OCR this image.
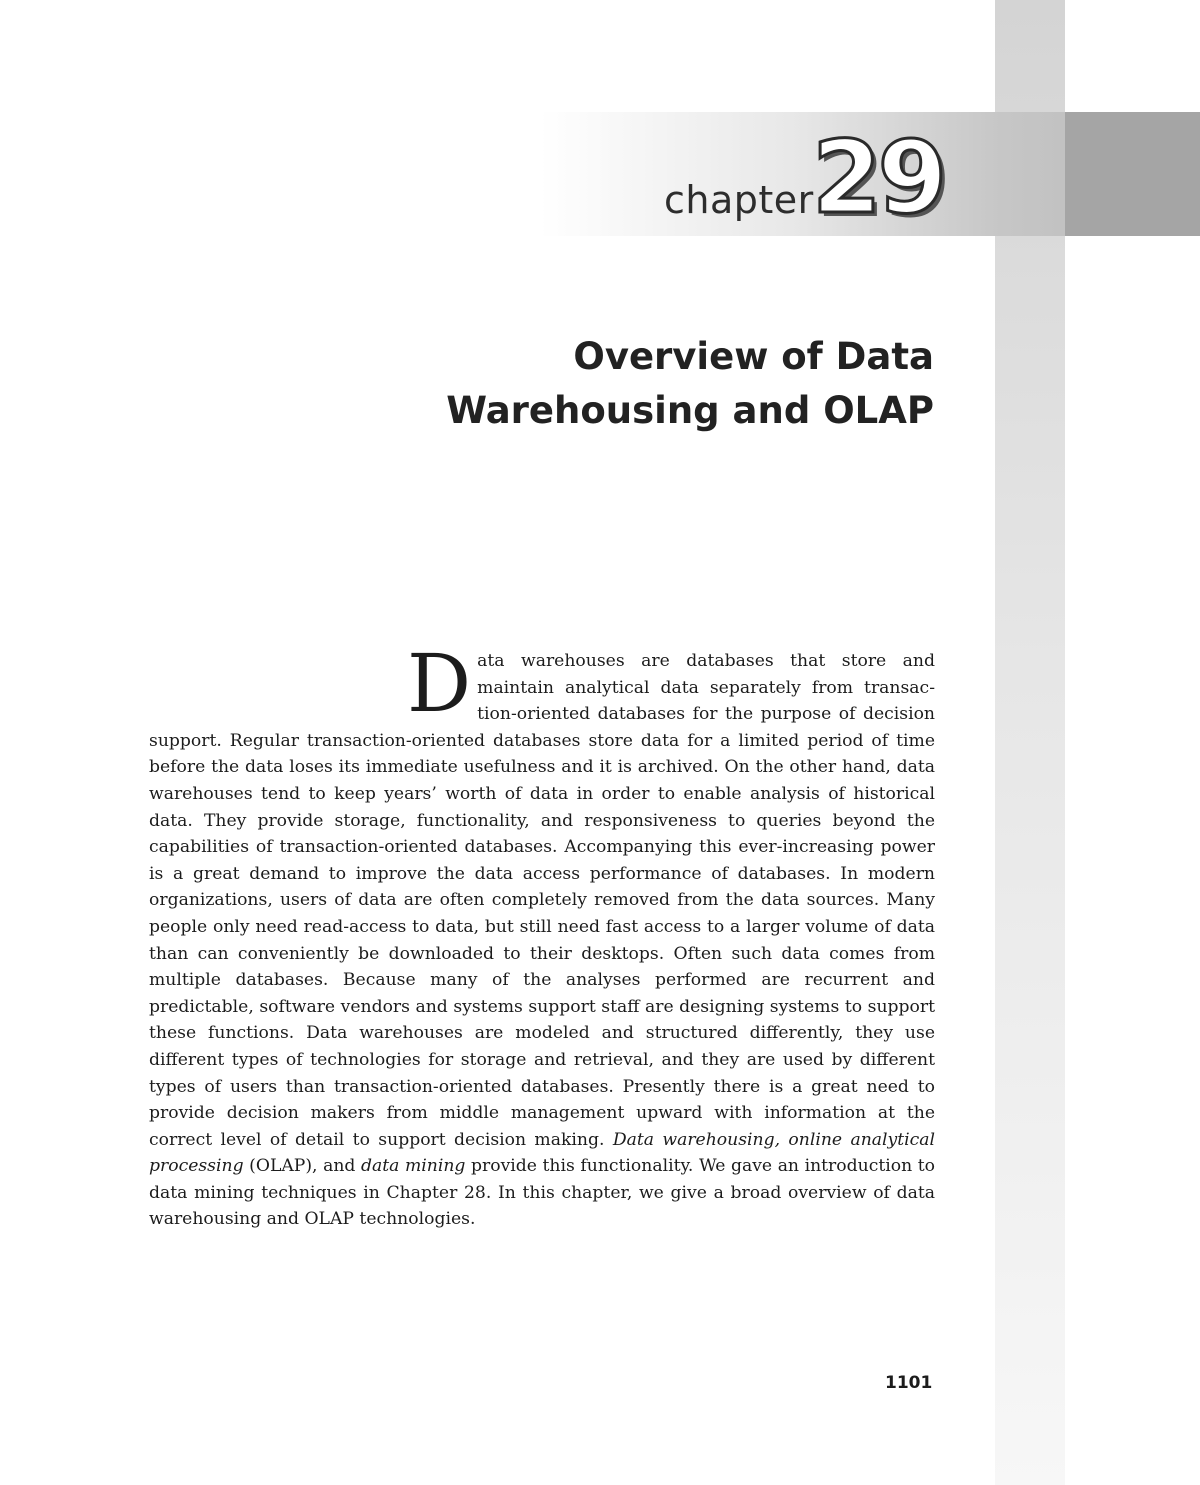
chapter
29
Overview of Data
Warehousing and OLAP

Data warehouses are databases that store and maintain analytical data separately from transaction-oriented databases for the purpose of decision support. Regular transaction-oriented databases store data for a limited period of time before the data loses its immediate usefulness and it is archived. On the other hand, data warehouses tend to keep years’ worth of data in order to enable analysis of historical data. They provide storage, functionality, and responsiveness to queries beyond the capabilities of transaction-oriented databases. Accompanying this ever-increasing power is a great demand to improve the data access performance of databases. In modern organizations, users of data are often completely removed from the data sources. Many people only need read-access to data, but still need fast access to a larger volume of data than can conveniently be downloaded to their desktops. Often such data comes from multiple databases. Because many of the analyses performed are recurrent and predictable, software vendors and systems support staff are designing systems to support these functions. Data warehouses are modeled and structured differently, they use different types of technologies for storage and retrieval, and they are used by different types of users than transaction-oriented databases. Presently there is a great need to provide decision makers from middle management upward with information at the correct level of detail to support decision making. Data warehousing, online analytical processing (OLAP), and data mining provide this functionality. We gave an introduction to data mining techniques in Chapter 28. In this chapter, we give a broad overview of data warehousing and OLAP technologies.

1101
